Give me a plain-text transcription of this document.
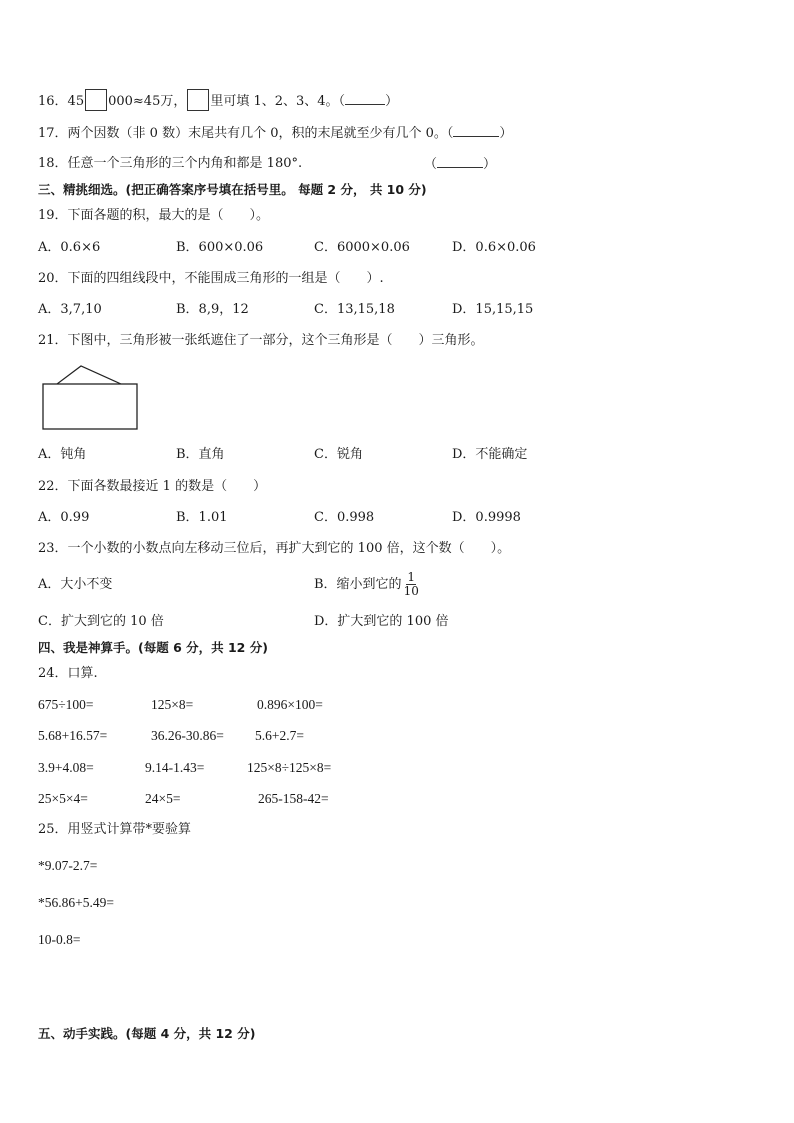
16．45 000≈45万， 里可填 1、2、3、4。（	）
17．两个因数（非 0 数）末尾共有几个 0，积的末尾就至少有几个 0。（	）
18．任意一个三角形的三个内角和都是 180°.	（	）
三、精挑细选。(把正确答案序号填在括号里。 每题 2 分， 共 10 分)
19．下面各题的积，最大的是（　　）。
A．0.6×6	B．600×0.06	C．6000×0.06	D．0.6×0.06
20．下面的四组线段中，不能围成三角形的一组是（　　）.
A．3,7,10	B．8,9，12	C．13,15,18	D．15,15,15
21．下图中，三角形被一张纸遮住了一部分，这个三角形是（　　）三角形。
A．钝角	B．直角	C．锐角	D．不能确定
22．下面各数最接近 1 的数是（　　）
A．0.99	B．1.01	C．0.998	D．0.9998
23．一个小数的小数点向左移动三位后，再扩大到它的 100 倍，这个数（　　）。
A．大小不变	B．缩小到它的 $\frac{1}{10}$
C．扩大到它的 10 倍	D．扩大到它的 100 倍
四、我是神算手。(每题 6 分，共 12 分)
24．口算.
675÷100=	125×8=	0.896×100=
5.68+16.57=	36.26-30.86= 5.6+2.7=
3.9+4.08=	9.14-1.43=	125×8÷125×8=
25×5×4=	24×5=	265-158-42=
25．用竖式计算带*要验算
*9.07-2.7=
*56.86+5.49=
10-0.8=
五、动手实践。(每题 4 分，共 12 分)
